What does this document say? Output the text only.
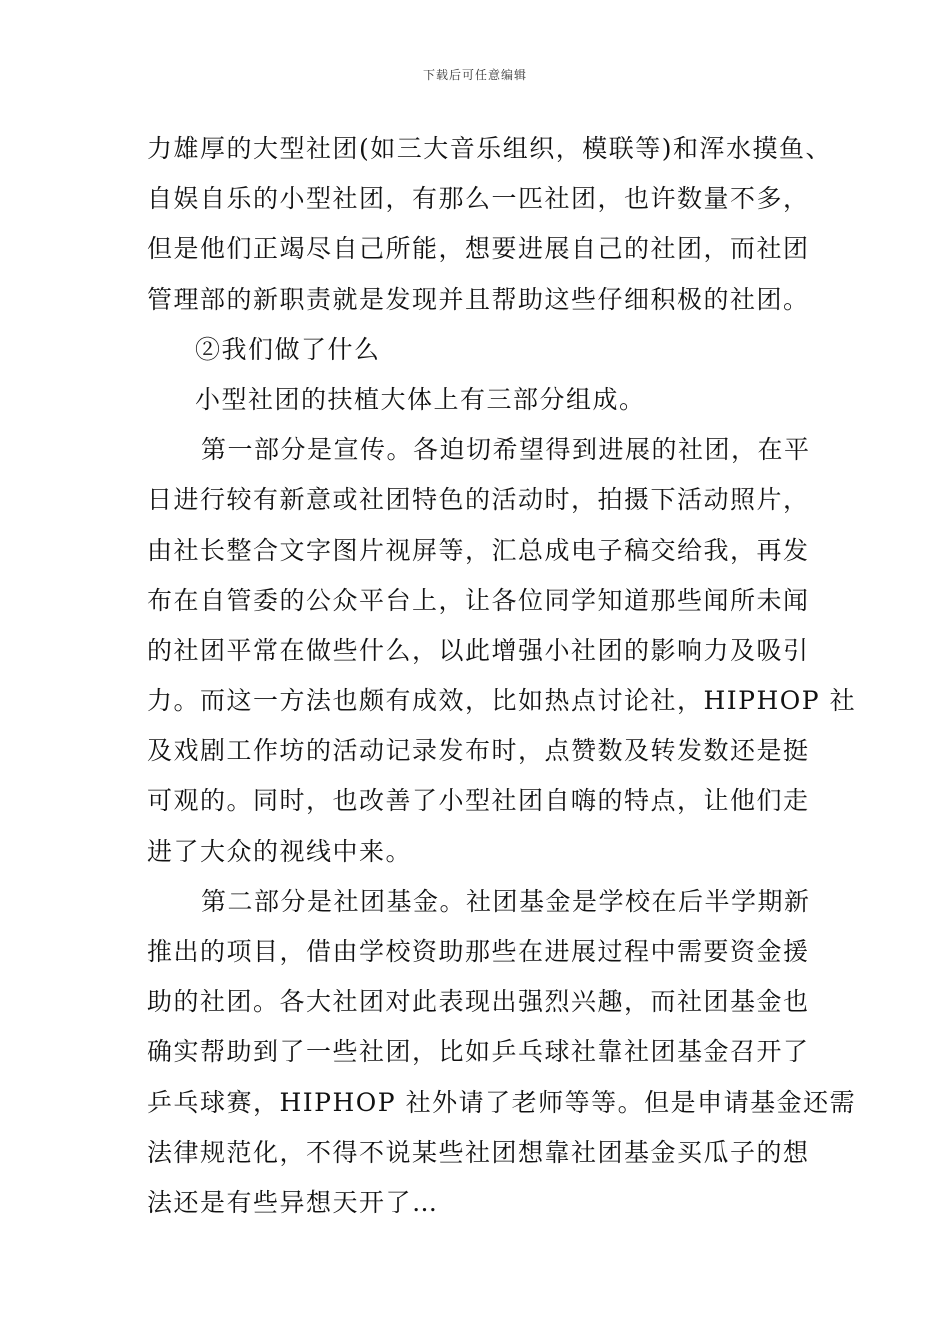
下载后可任意编辑
力雄厚的大型社团(如三大音乐组织，模联等)和浑水摸鱼、
自娱自乐的小型社团，有那么一匹社团，也许数量不多，
但是他们正竭尽自己所能，想要进展自己的社团，而社团
管理部的新职责就是发现并且帮助这些仔细积极的社团。
②我们做了什么
小型社团的扶植大体上有三部分组成。
第一部分是宣传。各迫切希望得到进展的社团，在平
日进行较有新意或社团特色的活动时，拍摄下活动照片，
由社长整合文字图片视屏等，汇总成电子稿交给我，再发
布在自管委的公众平台上，让各位同学知道那些闻所未闻
的社团平常在做些什么，以此增强小社团的影响力及吸引
力。而这一方法也颇有成效，比如热点讨论社，HIPHOP 社
及戏剧工作坊的活动记录发布时，点赞数及转发数还是挺
可观的。同时，也改善了小型社团自嗨的特点，让他们走
进了大众的视线中来。
第二部分是社团基金。社团基金是学校在后半学期新
推出的项目，借由学校资助那些在进展过程中需要资金援
助的社团。各大社团对此表现出强烈兴趣，而社团基金也
确实帮助到了一些社团，比如乒乓球社靠社团基金召开了
乒乓球赛，HIPHOP 社外请了老师等等。但是申请基金还需
法律规范化，不得不说某些社团想靠社团基金买瓜子的想
法还是有些异想天开了…
